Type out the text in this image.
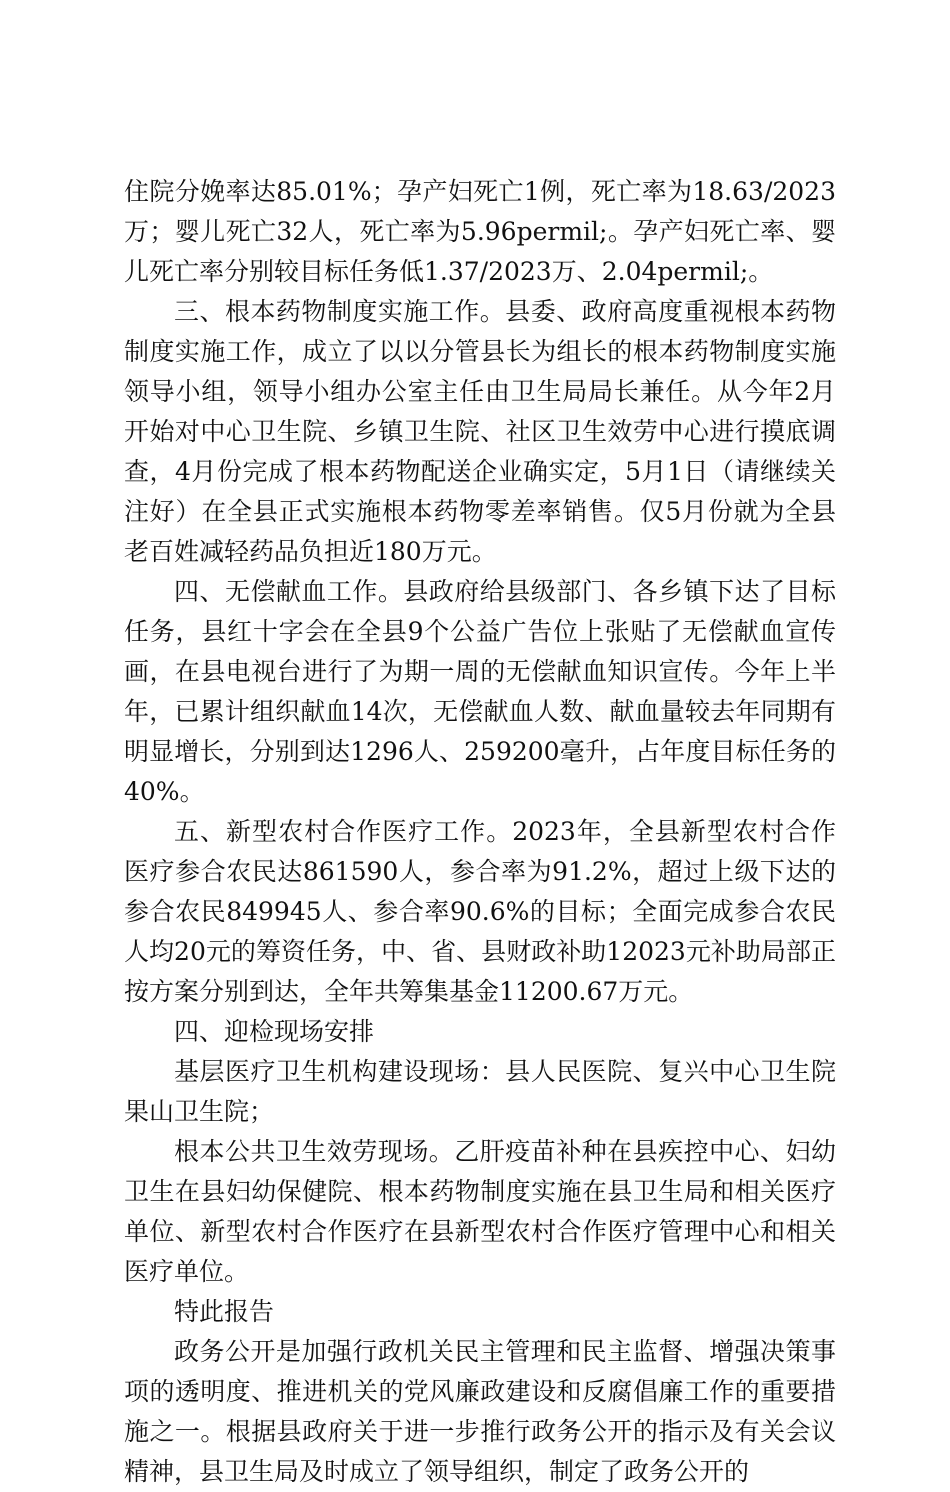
住院分娩率达85.01%；孕产妇死亡1例，死亡率为18.63/2023万；婴儿死亡32人，死亡率为5.96permil;。孕产妇死亡率、婴儿死亡率分别较目标任务低1.37/2023万、2.04permil;。

三、根本药物制度实施工作。县委、政府高度重视根本药物制度实施工作，成立了以以分管县长为组长的根本药物制度实施领导小组，领导小组办公室主任由卫生局局长兼任。从今年2月开始对中心卫生院、乡镇卫生院、社区卫生效劳中心进行摸底调查，4月份完成了根本药物配送企业确实定，5月1日（请继续关注好）在全县正式实施根本药物零差率销售。仅5月份就为全县老百姓减轻药品负担近180万元。

四、无偿献血工作。县政府给县级部门、各乡镇下达了目标任务，县红十字会在全县9个公益广告位上张贴了无偿献血宣传画，在县电视台进行了为期一周的无偿献血知识宣传。今年上半年，已累计组织献血14次，无偿献血人数、献血量较去年同期有明显增长，分别到达1296人、259200毫升，占年度目标任务的40%。

五、新型农村合作医疗工作。2023年，全县新型农村合作医疗参合农民达861590人，参合率为91.2%，超过上级下达的参合农民849945人、参合率90.6%的目标；全面完成参合农民人均20元的筹资任务，中、省、县财政补助12023元补助局部正按方案分别到达，全年共筹集基金11200.67万元。

四、迎检现场安排

基层医疗卫生机构建设现场：县人民医院、复兴中心卫生院果山卫生院；

根本公共卫生效劳现场。乙肝疫苗补种在县疾控中心、妇幼卫生在县妇幼保健院、根本药物制度实施在县卫生局和相关医疗单位、新型农村合作医疗在县新型农村合作医疗管理中心和相关医疗单位。

特此报告

政务公开是加强行政机关民主管理和民主监督、增强决策事项的透明度、推进机关的党风廉政建设和反腐倡廉工作的重要措施之一。根据县政府关于进一步推行政务公开的指示及有关会议精神，县卫生局及时成立了领导组织，制定了政务公开的
